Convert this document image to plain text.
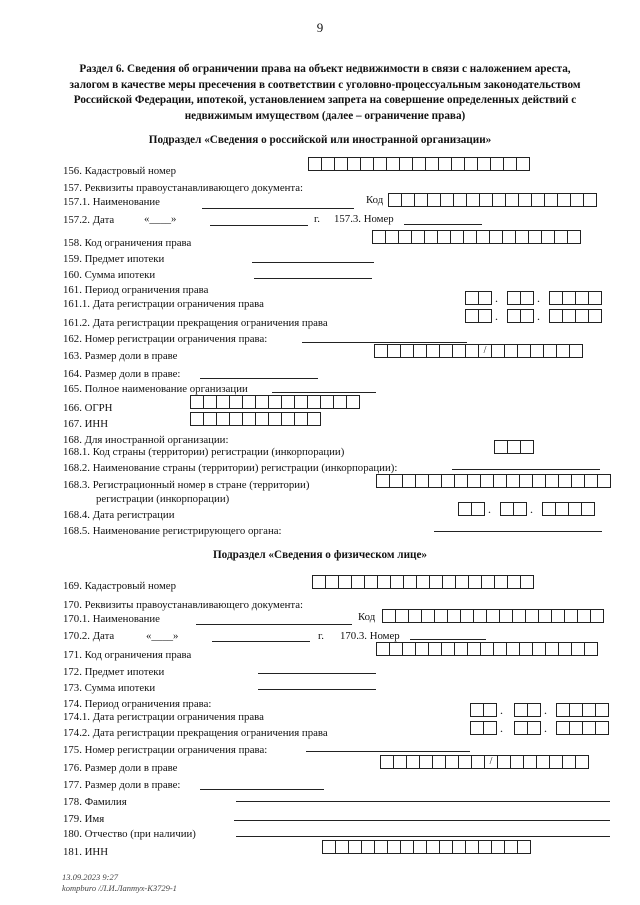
9
Раздел 6. Сведения об ограничении права на объект недвижимости в связи с наложением ареста, залогом в качестве меры пресечения в соответствии с уголовно-процессуальным законодательством Российской Федерации, ипотекой, установлением запрета на совершение определенных действий с недвижимым имуществом (далее – ограничение права)
Подраздел «Сведения о российской или иностранной организации»
156. Кадастровый номер
157. Реквизиты правоустанавливающего документа:
157.1. Наименование	Код
157.2. Дата	«____»	г. 157.3. Номер
158. Код ограничения права
159. Предмет ипотеки
160. Сумма ипотеки
161. Период ограничения права
161.1. Дата регистрации ограничения права	.	.
161.2. Дата регистрации прекращения ограничения права	.	.
162. Номер регистрации ограничения права:
163. Размер доли в праве	/
164. Размер доли в праве:
165. Полное наименование организации
166. ОГРН
167. ИНН
168. Для иностранной организации:
168.1. Код страны (территории) регистрации (инкорпорации)
168.2. Наименование страны (территории) регистрации (инкорпорации):
168.3. Регистрационный номер в стране (территории)
регистрации (инкорпорации)
168.4. Дата регистрации	.	.
168.5. Наименование регистрирующего органа:
Подраздел «Сведения о физическом лице»
169. Кадастровый номер
170. Реквизиты правоустанавливающего документа:
170.1. Наименование	Код
170.2. Дата	«____»	г. 170.3. Номер
171. Код ограничения права
172. Предмет ипотеки
173. Сумма ипотеки
174. Период ограничения права:
174.1. Дата регистрации ограничения права	.	.
174.2. Дата регистрации прекращения ограничения права	.	.
175. Номер регистрации ограничения права:
176. Размер доли в праве
/
177. Размер доли в праве:
178. Фамилия
179. Имя
180. Отчество (при наличии)
181. ИНН
13.09.2023 9:27
kompburo /Л.И.Лаптух-КЗ729-1
